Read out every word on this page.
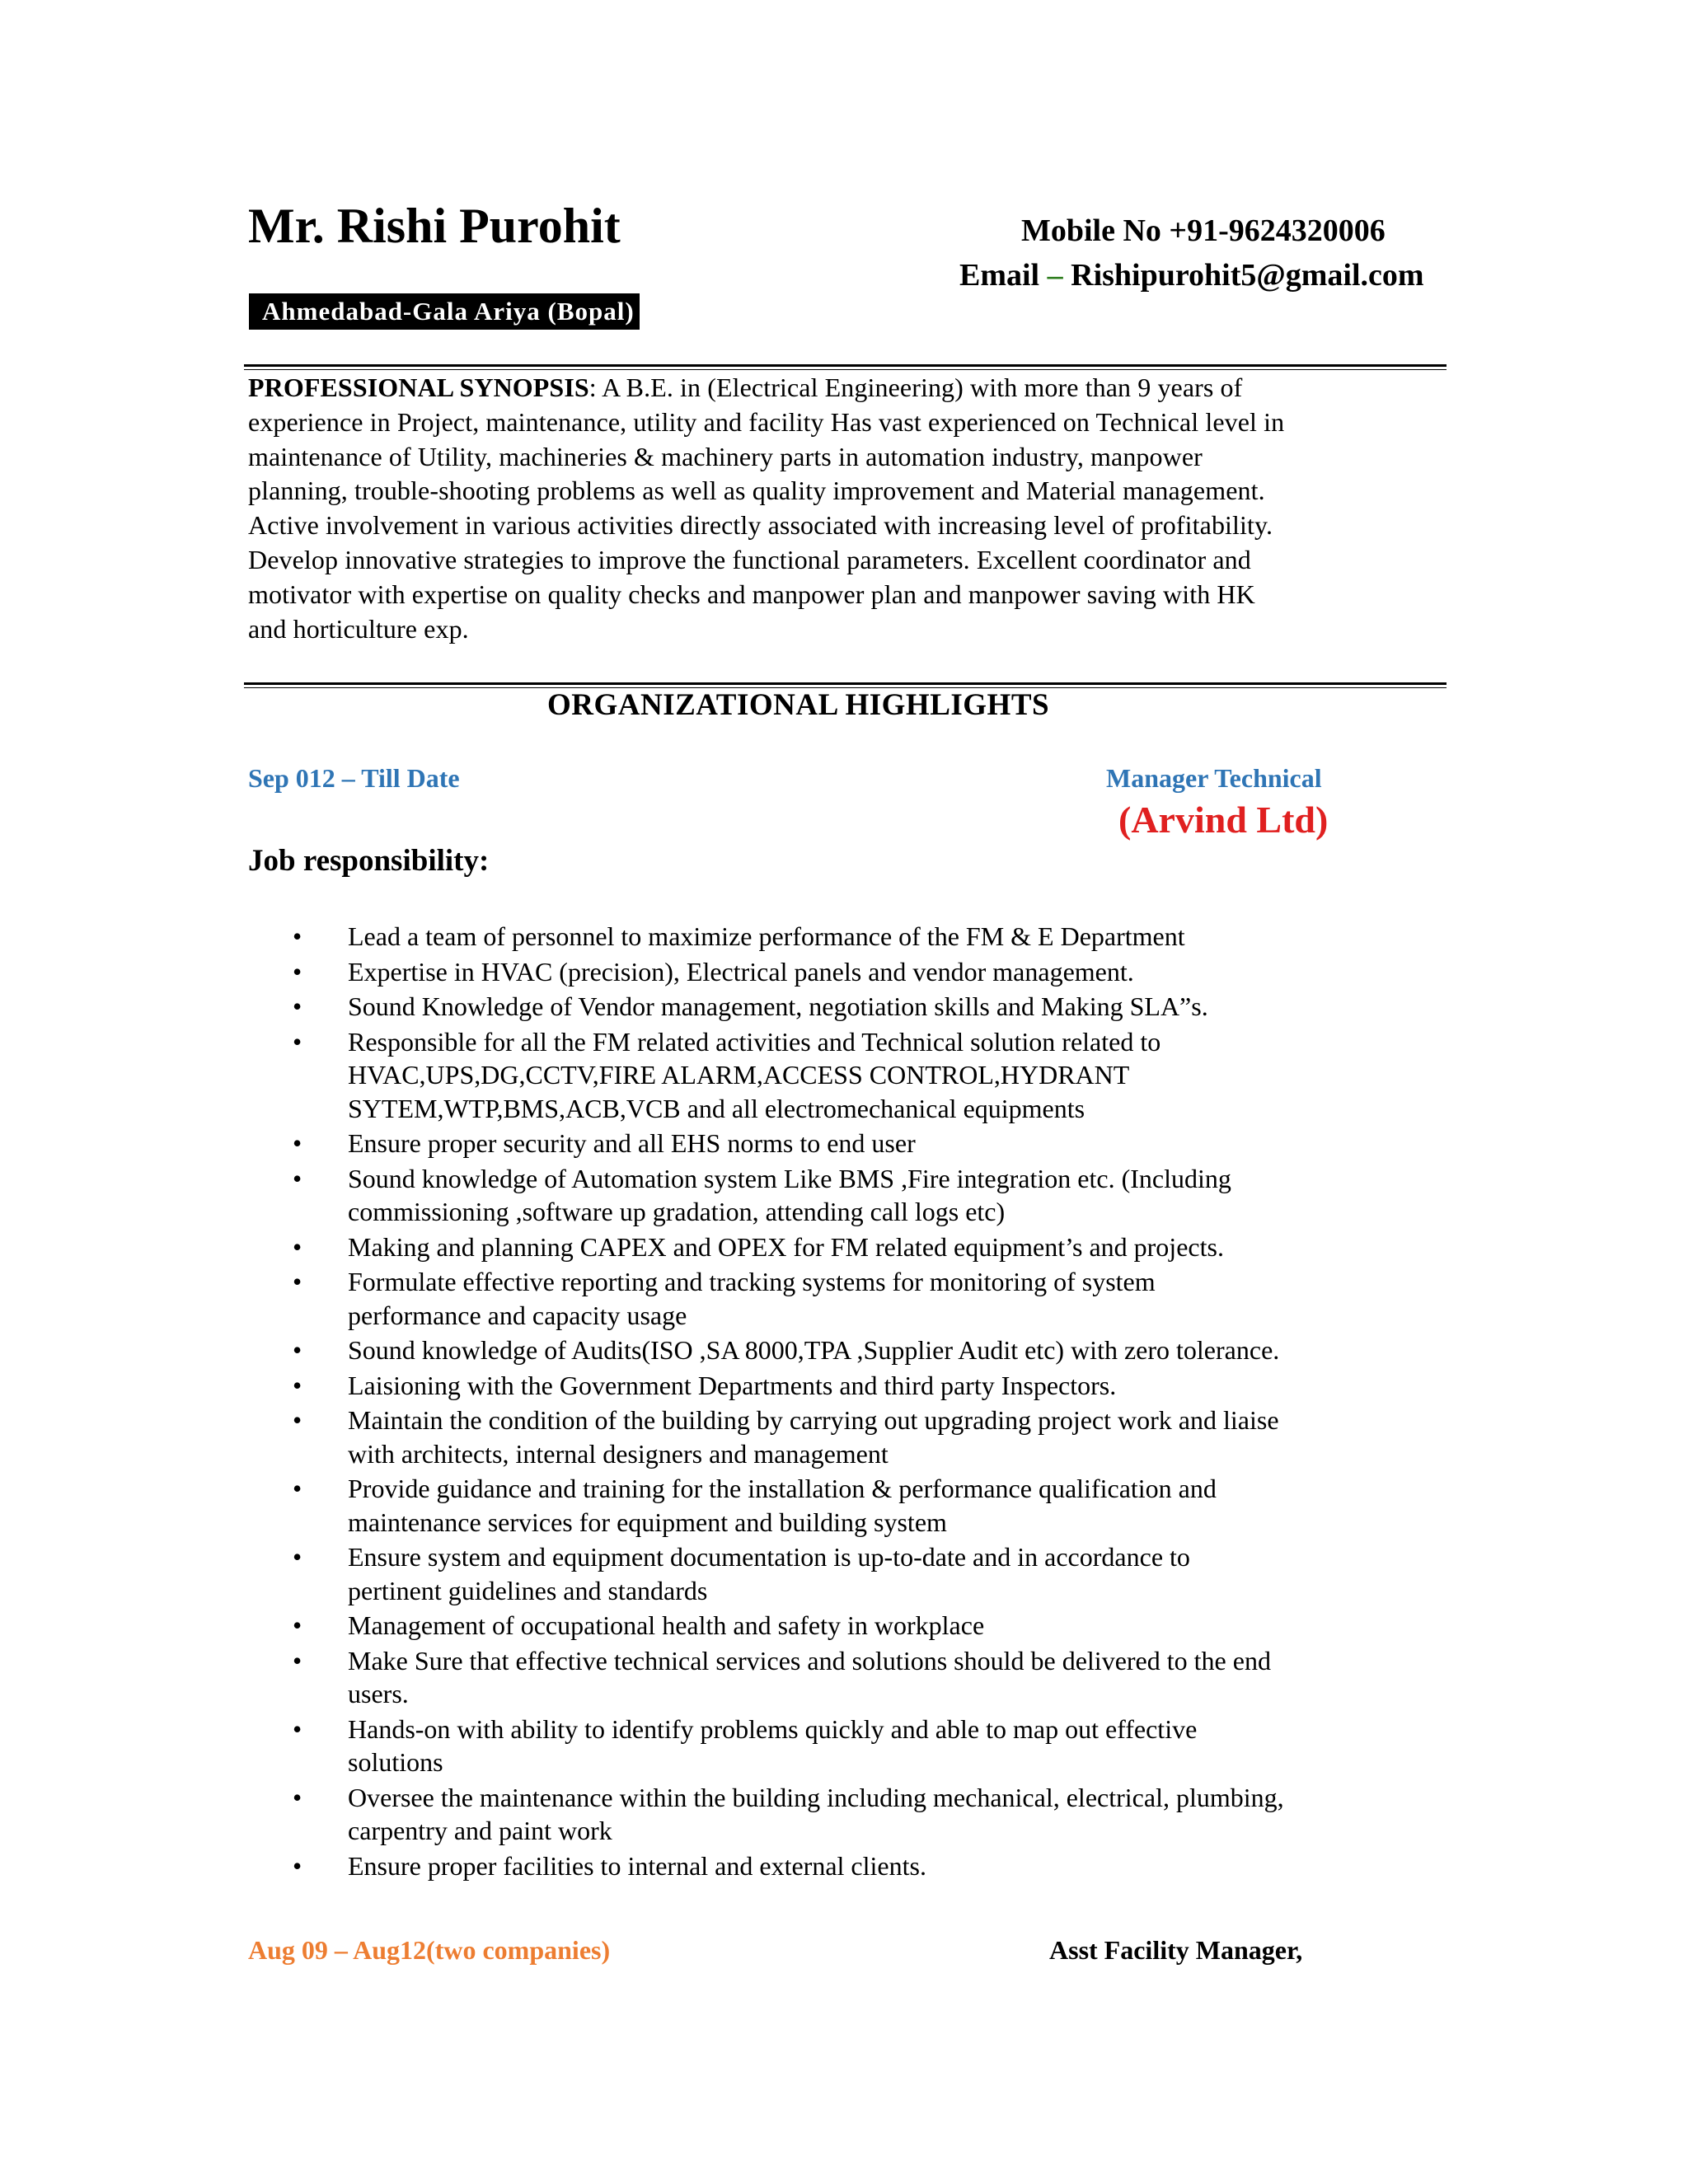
Mr. Rishi Purohit	Mobile No +91-9624320006
Email – Rishipurohit5@gmail.com
Ahmedabad-Gala Ariya (Bopal)

PROFESSIONAL SYNOPSIS: A B.E. in (Electrical Engineering) with more than 9 years of

experience in Project, maintenance, utility and facility Has vast experienced on Technical level in

maintenance of Utility, machineries & machinery parts in automation industry, manpower

planning, trouble-shooting problems as well as quality improvement and Material management.

Active involvement in various activities directly associated with increasing level of profitability.

Develop innovative strategies to improve the functional parameters. Excellent coordinator and

motivator with expertise on quality checks and manpower plan and manpower saving with HK

and horticulture exp.

ORGANIZATIONAL HIGHLIGHTS
Sep 012 – Till Date	Manager Technical
(Arvind Ltd)
Job responsibility:
• Lead a team of personnel to maximize performance of the FM & E Department
• Expertise in HVAC (precision), Electrical panels and vendor management.
• Sound Knowledge of Vendor management, negotiation skills and Making SLA”s.
• Responsible for all the FM related activities and Technical solution related to
HVAC,UPS,DG,CCTV,FIRE ALARM,ACCESS CONTROL,HYDRANT
SYTEM,WTP,BMS,ACB,VCB and all electromechanical equipments
• Ensure proper security and all EHS norms to end user
• Sound knowledge of Automation system Like BMS ,Fire integration etc. (Including
commissioning ,software up gradation, attending call logs etc)
• Making and planning CAPEX and OPEX for FM related equipment’s and projects.
• Formulate effective reporting and tracking systems for monitoring of system
performance and capacity usage
• Sound knowledge of Audits(ISO ,SA 8000,TPA ,Supplier Audit etc) with zero tolerance.
• Laisioning with the Government Departments and third party Inspectors.
• Maintain the condition of the building by carrying out upgrading project work and liaise
with architects, internal designers and management
• Provide guidance and training for the installation & performance qualification and
maintenance services for equipment and building system
• Ensure system and equipment documentation is up-to-date and in accordance to
pertinent guidelines and standards
• Management of occupational health and safety in workplace
• Make Sure that effective technical services and solutions should be delivered to the end
users.
• Hands-on with ability to identify problems quickly and able to map out effective
solutions
• Oversee the maintenance within the building including mechanical, electrical, plumbing,
carpentry and paint work
• Ensure proper facilities to internal and external clients.
Aug 09 – Aug12(two companies)	Asst Facility Manager,
